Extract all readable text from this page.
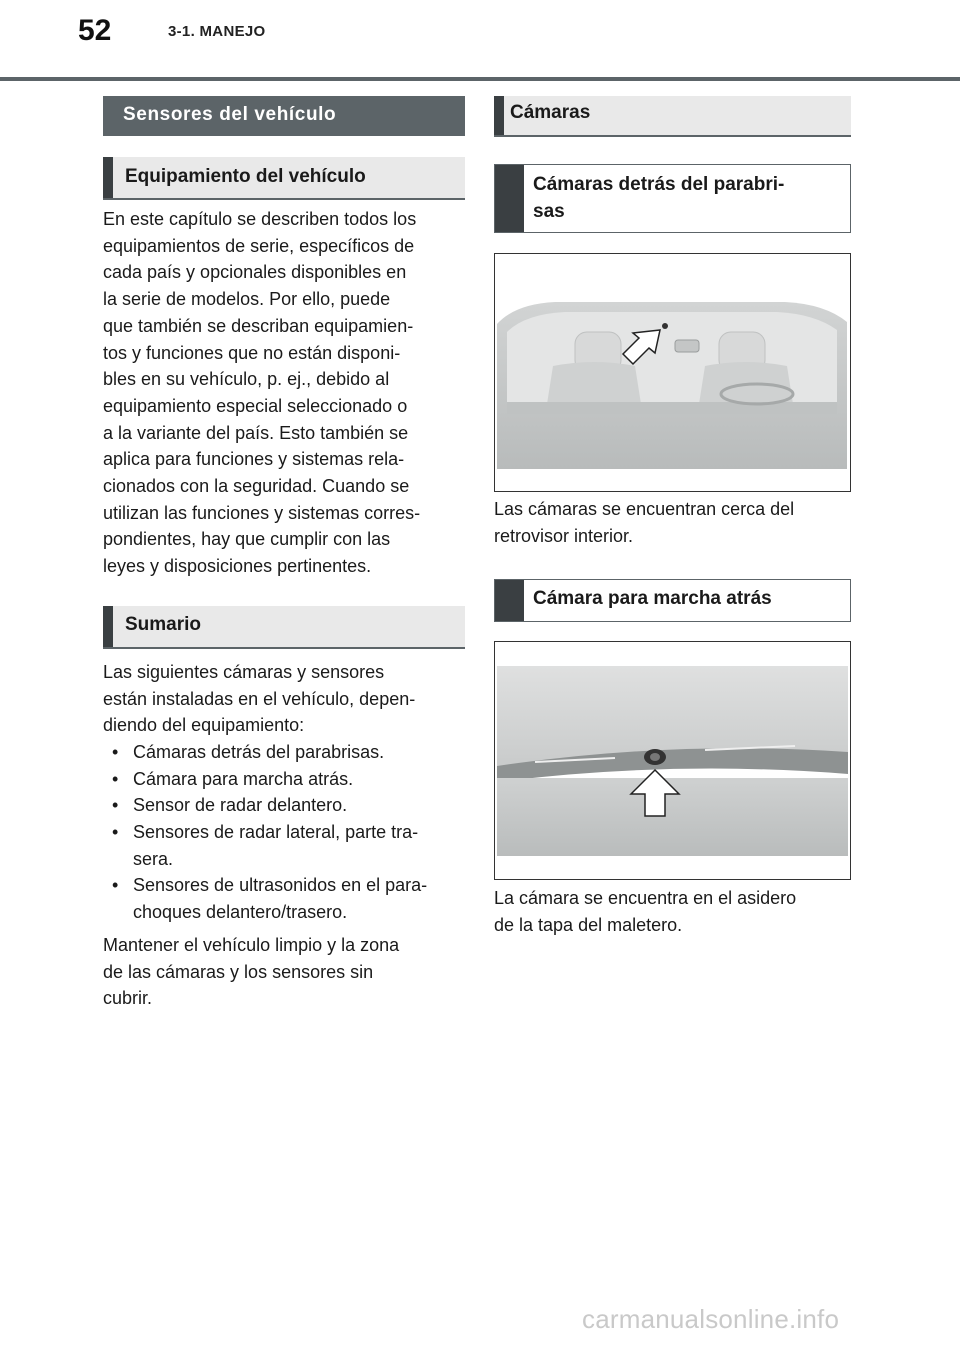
52	3-1. MANEJO
Sensores del vehículo
Equipamiento del vehículo
En este capítulo se describen todos los
equipamientos de serie, específicos de
cada país y opcionales disponibles en
la serie de modelos. Por ello, puede
que también se describan equipamien-
tos y funciones que no están disponi-
bles en su vehículo, p. ej., debido al
equipamiento especial seleccionado o
a la variante del país. Esto también se
aplica para funciones y sistemas rela-
cionados con la seguridad. Cuando se
utilizan las funciones y sistemas corres-
pondientes, hay que cumplir con las
leyes y disposiciones pertinentes.
Sumario
Las siguientes cámaras y sensores
están instaladas en el vehículo, depen-
diendo del equipamiento:
• Cámaras detrás del parabrisas.
• Cámara para marcha atrás.
• Sensor de radar delantero.
• Sensores de radar lateral, parte tra-
sera.
• Sensores de ultrasonidos en el para-
choques delantero/trasero.
Mantener el vehículo limpio y la zona
de las cámaras y los sensores sin
cubrir.
Cámaras
Cámaras detrás del parabri-
sas
Las cámaras se encuentran cerca del
retrovisor interior.
Cámara para marcha atrás
La cámara se encuentra en el asidero
de la tapa del maletero.
carmanualsonline.info
